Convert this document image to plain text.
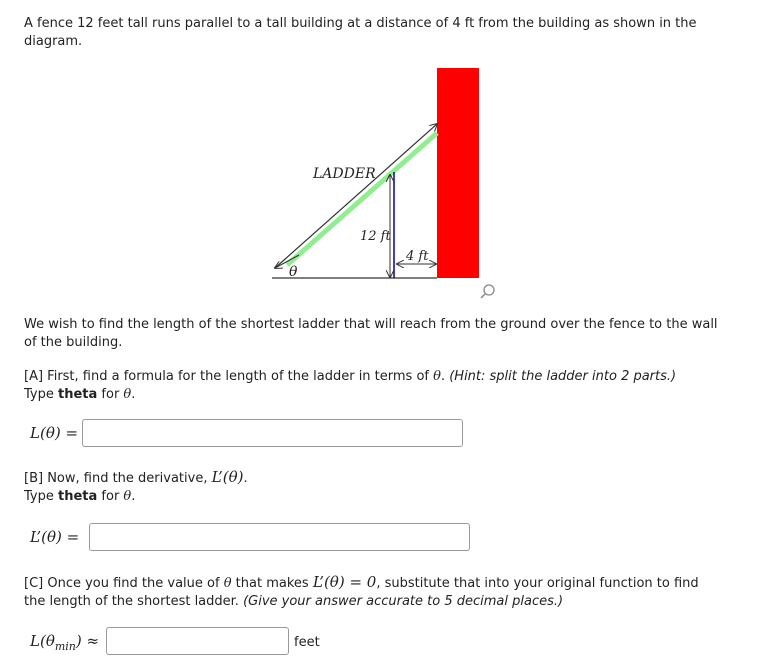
A fence 12 feet tall runs parallel to a tall building at a distance of 4 ft from the building as shown in the
diagram.
LADDER
12 ft
4 ft
θ
We wish to find the length of the shortest ladder that will reach from the ground over the fence to the wall
of the building.
[A] First, find a formula for the length of the ladder in terms of θ. (Hint: split the ladder into 2 parts.)
Type theta for θ.
L(θ) =
[B] Now, find the derivative, L’(θ).
Type theta for θ.
L’(θ) =
[C] Once you find the value of θ that makes L’(θ) = 0, substitute that into your original function to find
the length of the shortest ladder. (Give your answer accurate to 5 decimal places.)
$L(\theta_{min})$ ≈	feet
